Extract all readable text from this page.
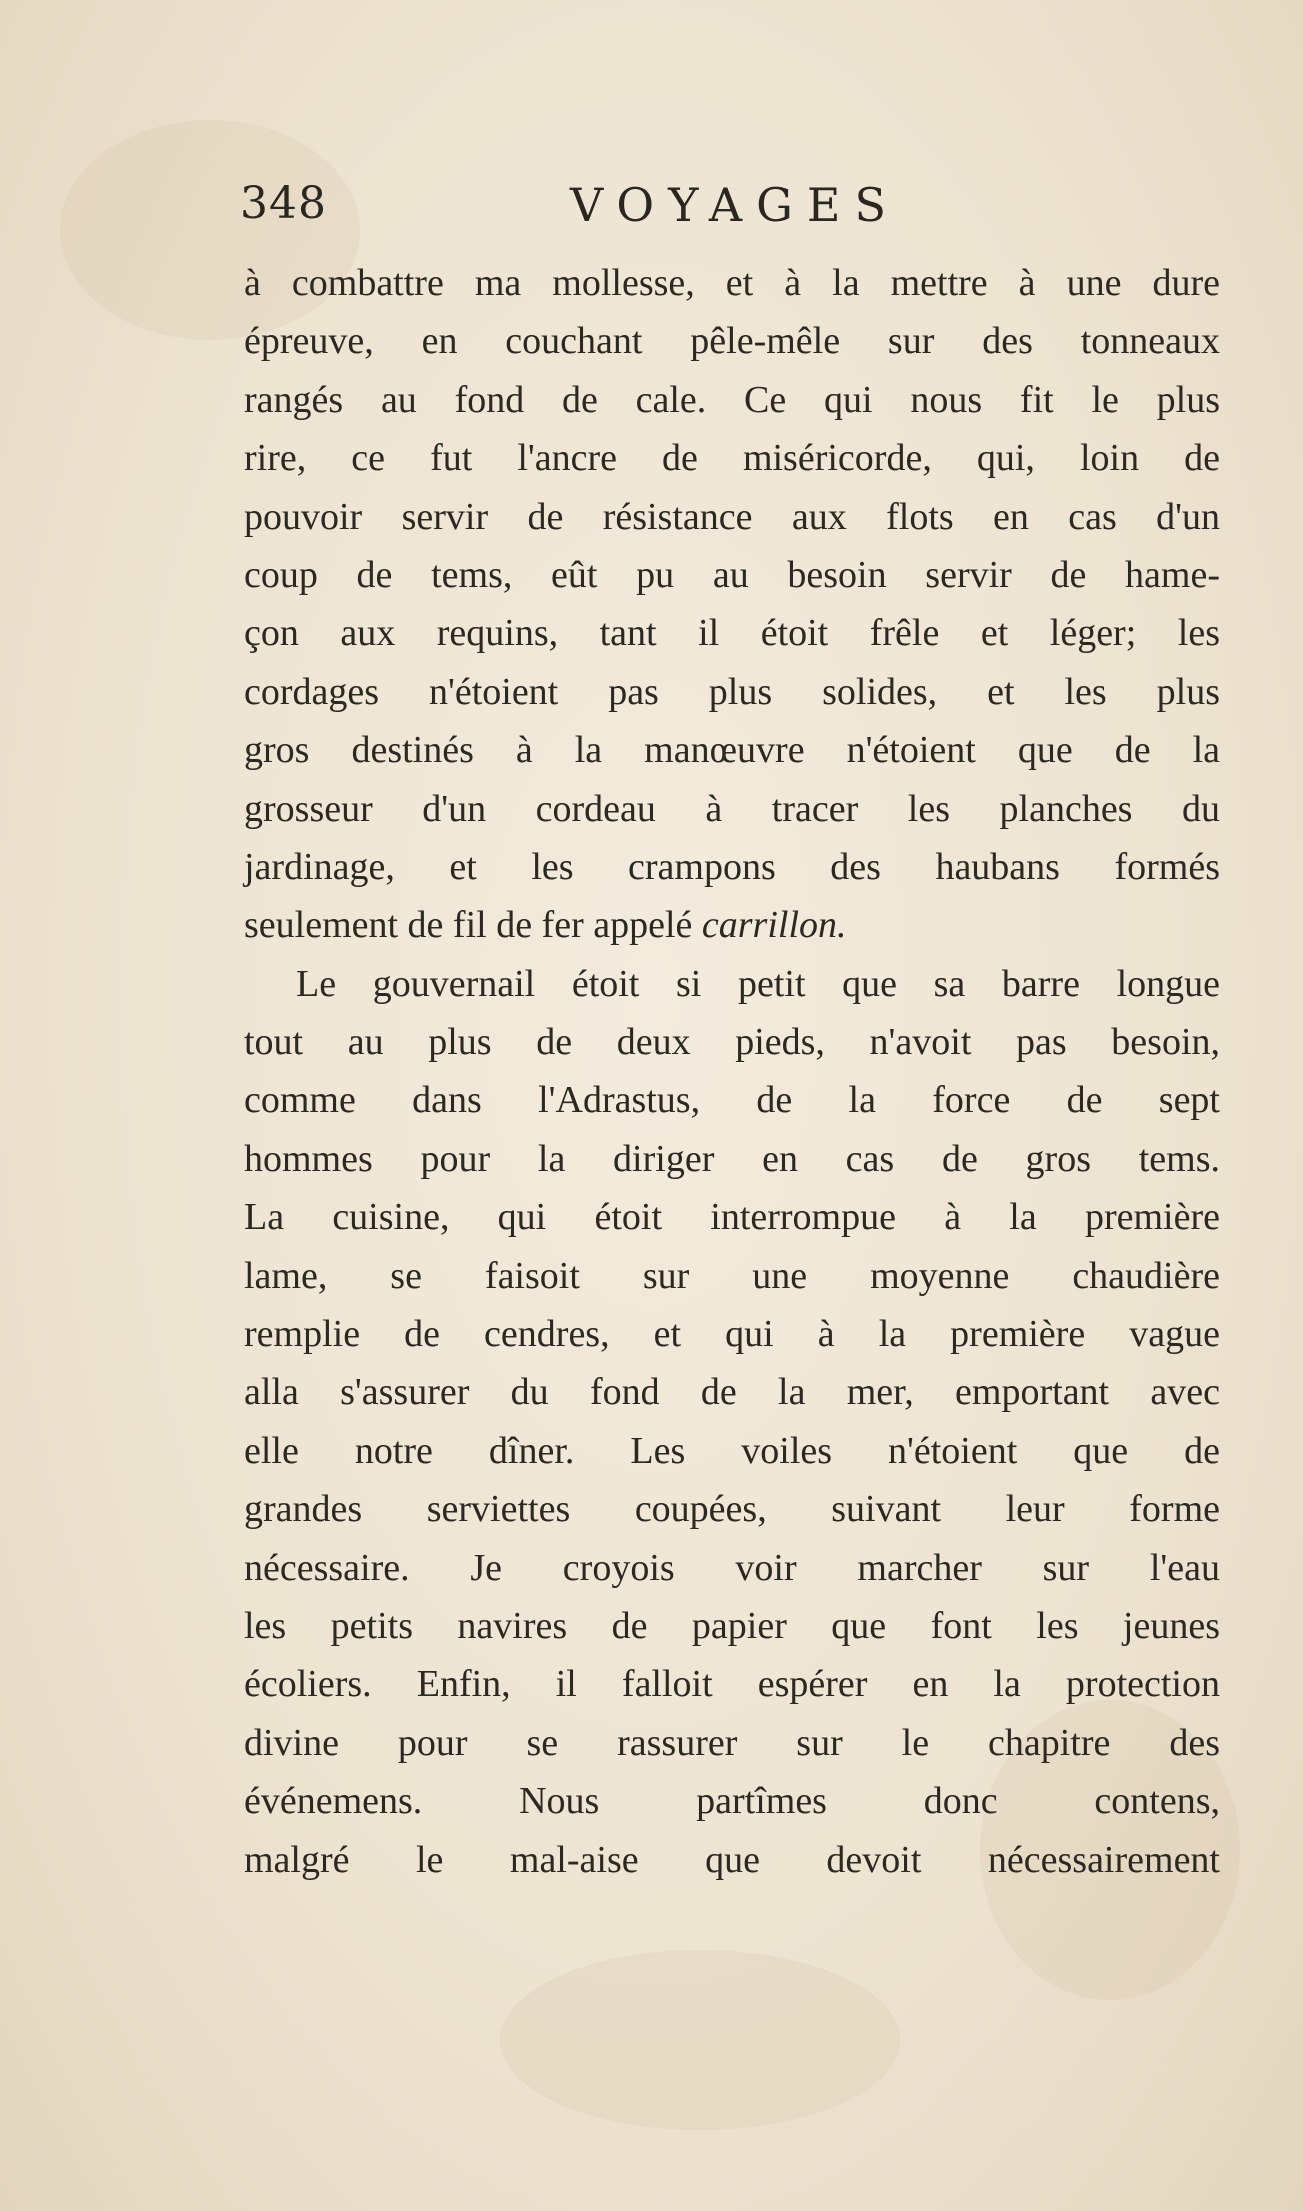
348	VOYAGES
à combattre ma mollesse, et à la mettre à une dure
épreuve, en couchant pêle-mêle sur des tonneaux
rangés au fond de cale. Ce qui nous fit le plus
rire, ce fut l'ancre de miséricorde, qui, loin de
pouvoir servir de résistance aux flots en cas d'un
coup de tems, eût pu au besoin servir de hame-
çon aux requins, tant il étoit frêle et léger; les
cordages n'étoient pas plus solides, et les plus
gros destinés à la manœuvre n'étoient que de la
grosseur d'un cordeau à tracer les planches du
jardinage, et les crampons des haubans formés
seulement de fil de fer appelé carrillon.
Le gouvernail étoit si petit que sa barre longue
tout au plus de deux pieds, n'avoit pas besoin,
comme dans l'Adrastus, de la force de sept
hommes pour la diriger en cas de gros tems.
La cuisine, qui étoit interrompue à la première
lame, se faisoit sur une moyenne chaudière
remplie de cendres, et qui à la première vague
alla s'assurer du fond de la mer, emportant avec
elle notre dîner. Les voiles n'étoient que de
grandes serviettes coupées, suivant leur forme
nécessaire. Je croyois voir marcher sur l'eau
les petits navires de papier que font les jeunes
écoliers. Enfin, il falloit espérer en la protection
divine pour se rassurer sur le chapitre des
événemens. Nous partîmes donc contens,
malgré le mal-aise que devoit nécessairement
